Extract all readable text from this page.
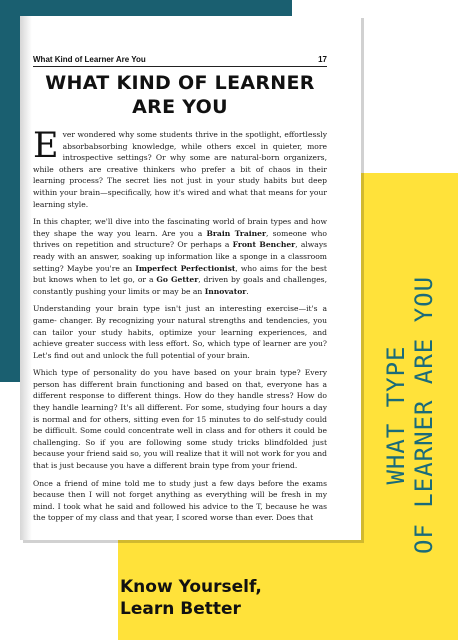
What Kind of Learner Are You	17
WHAT KIND OF LEARNER
ARE YOU

Ever wondered why some students thrive in the spotlight, effortlessly absorbabsorbing knowledge, while others excel in quieter, more introspective settings? Or why some are natural-born organizers, while others are creative thinkers who prefer a bit of chaos in their learning process? The secret lies not just in your study habits but deep within your brain—specifically, how it's wired and what that means for your learning style.

In this chapter, we'll dive into the fascinating world of brain types and how they shape the way you learn. Are you a Brain Trainer, someone who thrives on repetition and structure? Or perhaps a Front Bencher, always ready with an answer, soaking up information like a sponge in a classroom setting? Maybe you're an Imperfect Perfectionist, who aims for the best but knows when to let go, or a Go Getter, driven by goals and challenges, constantly pushing your limits or may be an Innovator.

Understanding your brain type isn't just an interesting exercise—it's a game- changer. By recognizing your natural strengths and tendencies, you can tailor your study habits, optimize your learning experiences, and achieve greater success with less effort. So, which type of learner are you? Let's find out and unlock the full potential of your brain.

Which type of personality do you have based on your brain type? Every person has different brain functioning and based on that, everyone has a different response to different things. How do they handle stress? How do they handle learning? It's all different. For some, studying four hours a day is normal and for others, sitting even for 15 minutes to do self-study could be difficult. Some could concentrate well in class and for others it could be challenging. So if you are following some study tricks blindfolded just because your friend said so, you will realize that it will not work for you and that is just because you have a different brain type from your friend.

Once a friend of mine told me to study just a few days before the exams because then I will not forget anything as everything will be fresh in my mind. I took what he said and followed his advice to the T, because he was the topper of my class and that year, I scored worse than ever. Does that

WHAT TYPE OF LEARNER ARE YOU
Know Yourself,
Learn Better
